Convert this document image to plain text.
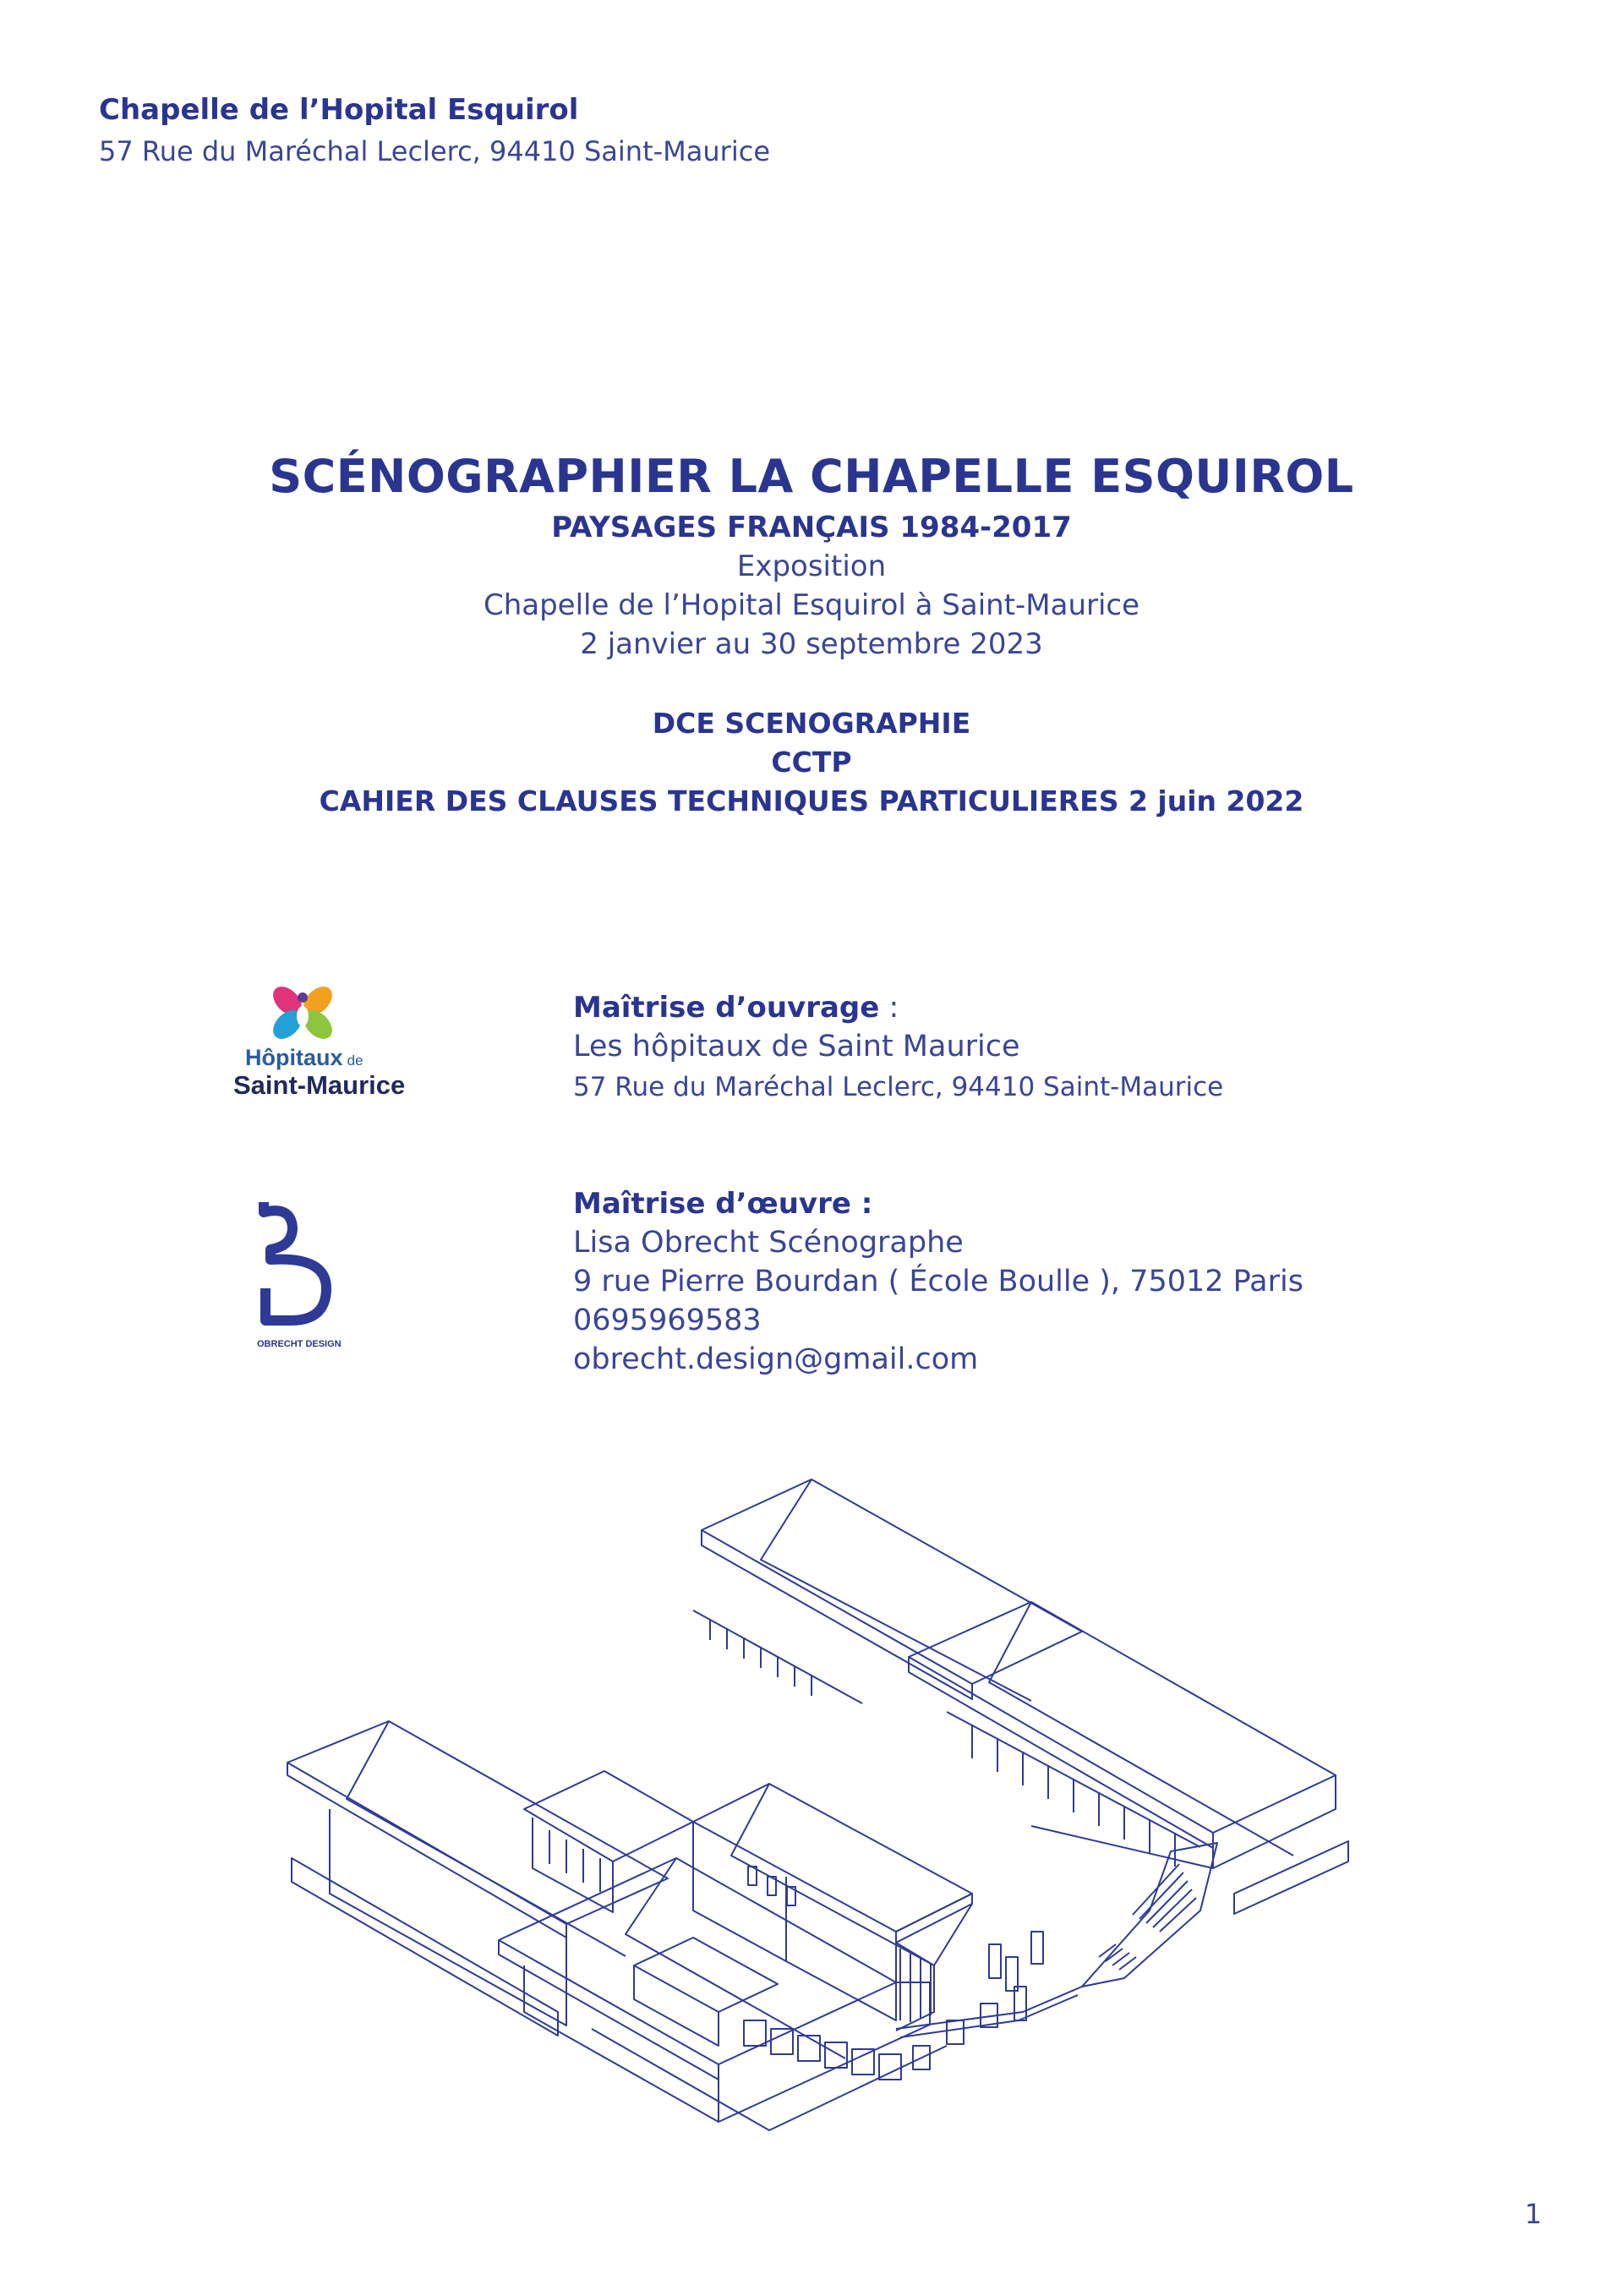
Chapelle de l’Hopital Esquirol
57 Rue du Maréchal Leclerc, 94410 Saint-Maurice
SCÉNOGRAPHIER LA CHAPELLE ESQUIROL
PAYSAGES FRANÇAIS 1984-2017
Exposition
Chapelle de l’Hopital Esquirol à Saint-Maurice
2 janvier au 30 septembre 2023
DCE SCENOGRAPHIE
CCTP
CAHIER DES CLAUSES TECHNIQUES PARTICULIERES 2 juin 2022
Hôpitaux de
Saint-Maurice
Maîtrise d’ouvrage :
Les hôpitaux de Saint Maurice
57 Rue du Maréchal Leclerc, 94410 Saint-Maurice
OBRECHT DESIGN
Maîtrise d’œuvre :
Lisa Obrecht Scénographe
9 rue Pierre Bourdan ( École Boulle ), 75012 Paris
0695969583
obrecht.design@gmail.com
1
